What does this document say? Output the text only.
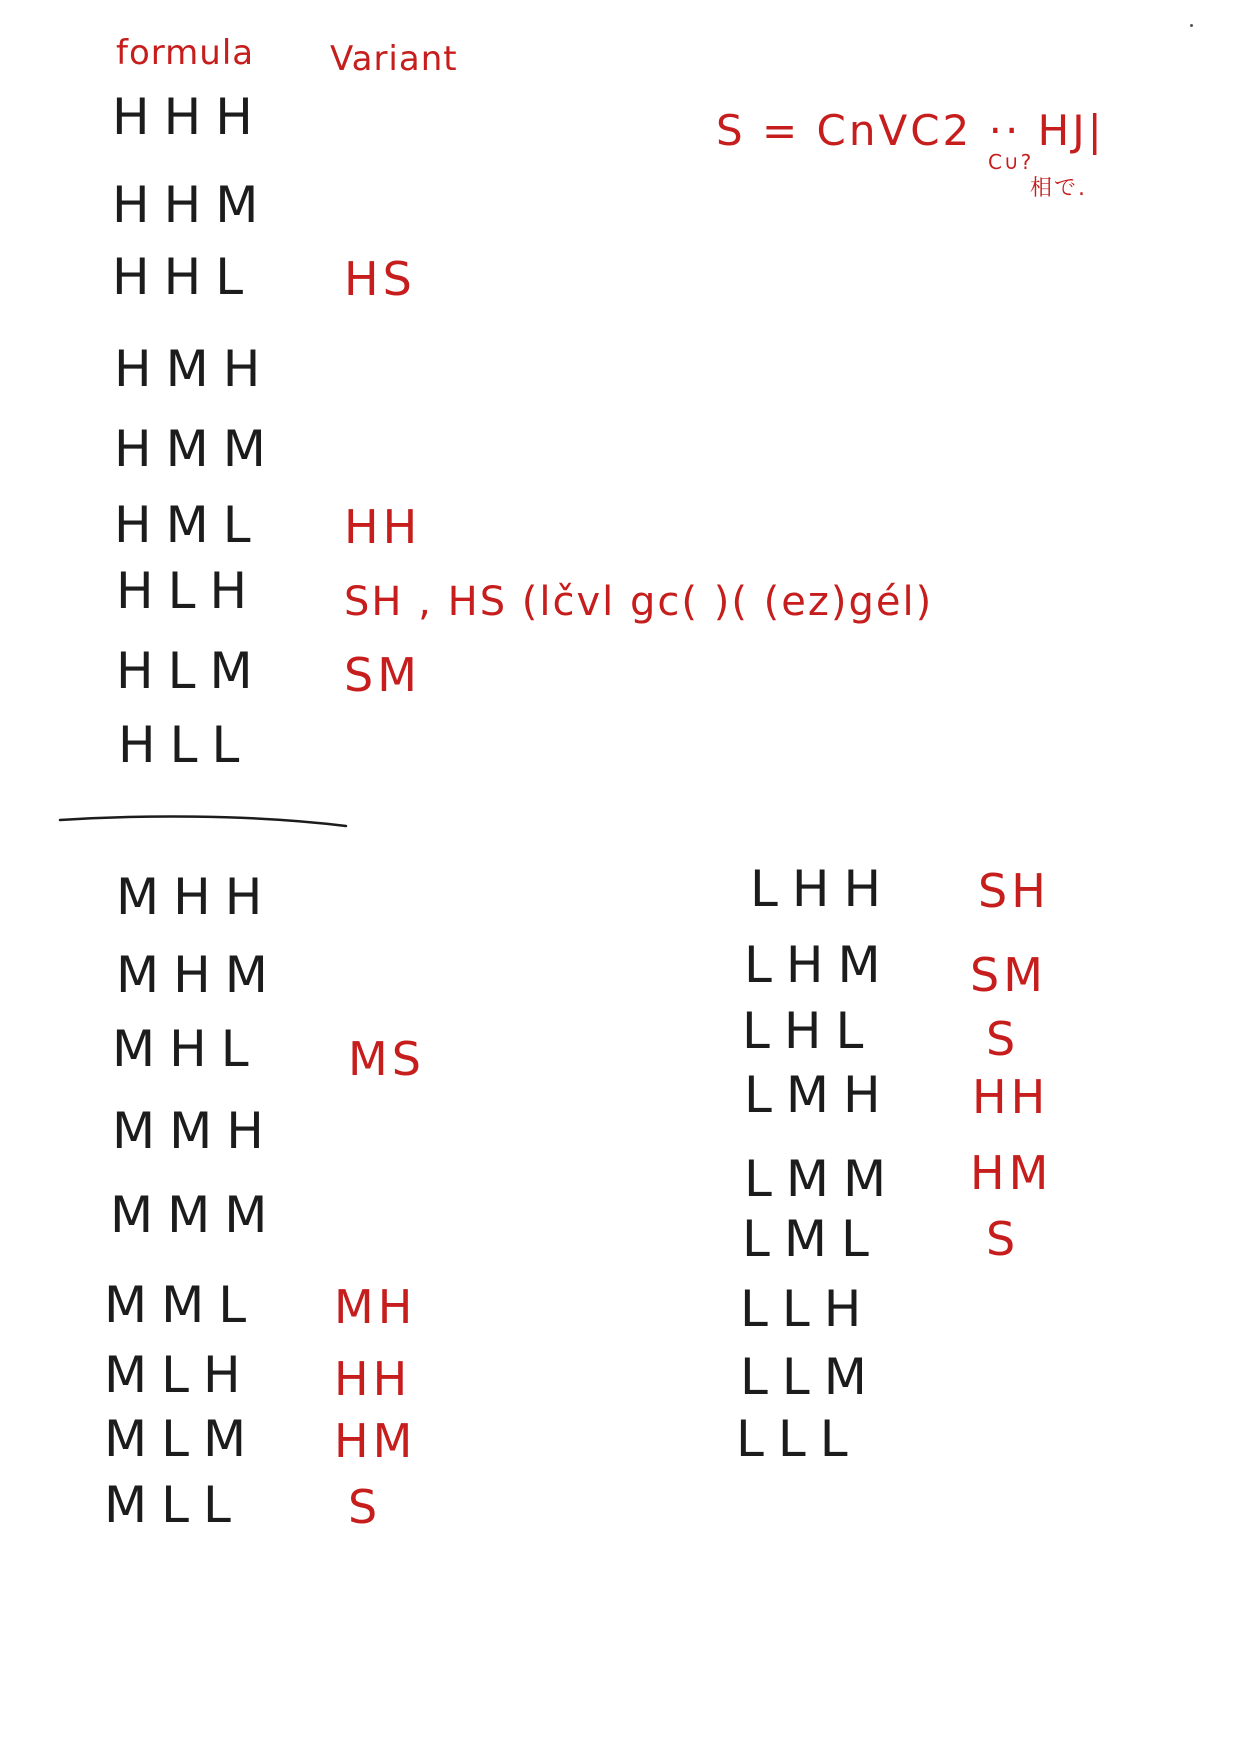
formula Variant
S = CnVC2 ·· HJ|
C∪?
相で.
HHH
HHM
HHL HS
HMH
HMM
HML HH
HLH SH , HS (lčvl gc( )( (ez)gél)
HLM SM
HLL
MHH
MHM
MHL MS
MMH
MMM
MML MH
MLH HH
MLM HM
MLL S
LHH SH
LHM SM
LHL S
LMH HH
LMM HM
LML S
LLH
LLM
LLL
